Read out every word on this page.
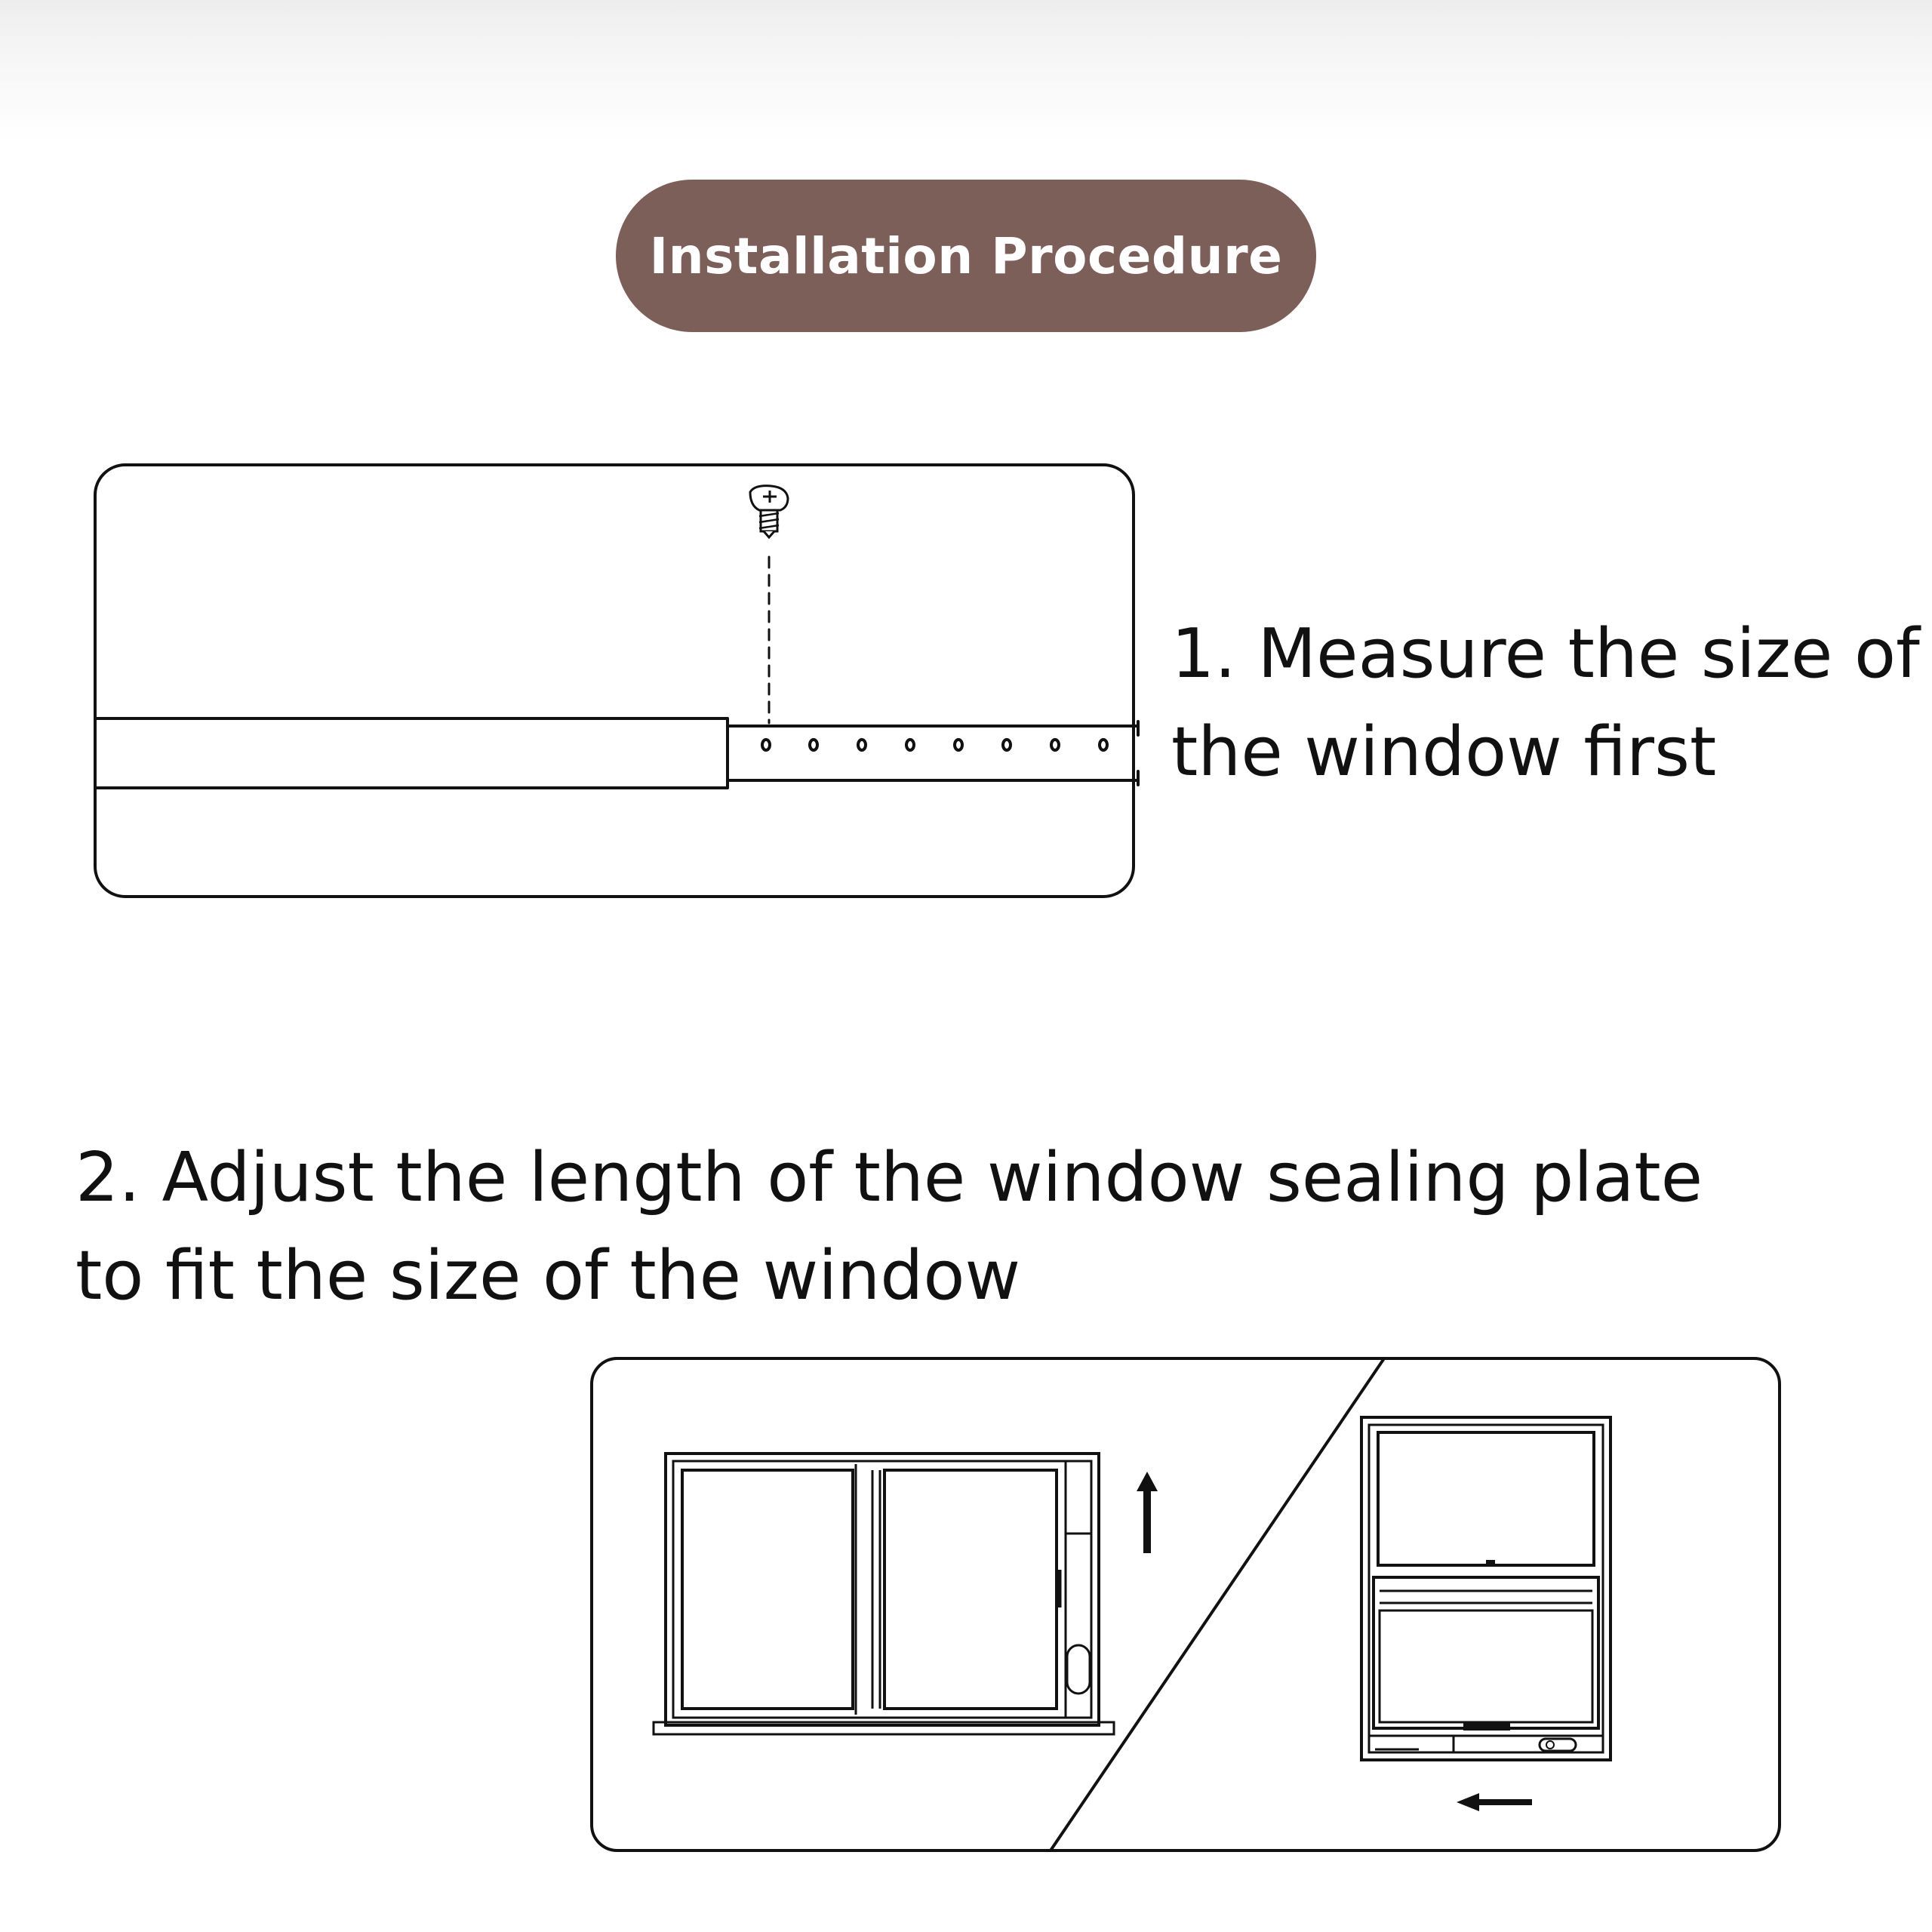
Installation Procedure
1. Measure the size of
the window first
2. Adjust the length of the window sealing plate
to fit the size of the window
